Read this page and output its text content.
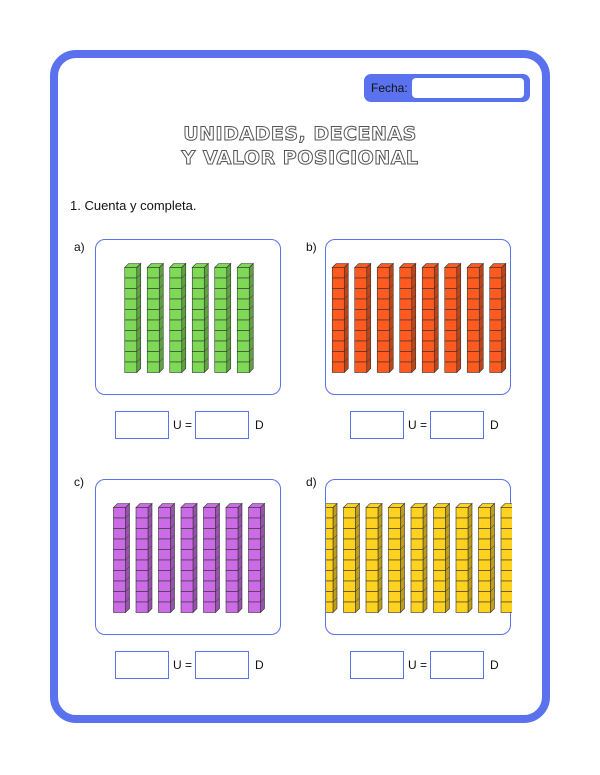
Fecha:
UNIDADES, DECENAS
Y VALOR POSICIONAL
1. Cuenta y completa.
a)
U =	D
b)
U =	D
c)
U =	D
d)
U =	D
